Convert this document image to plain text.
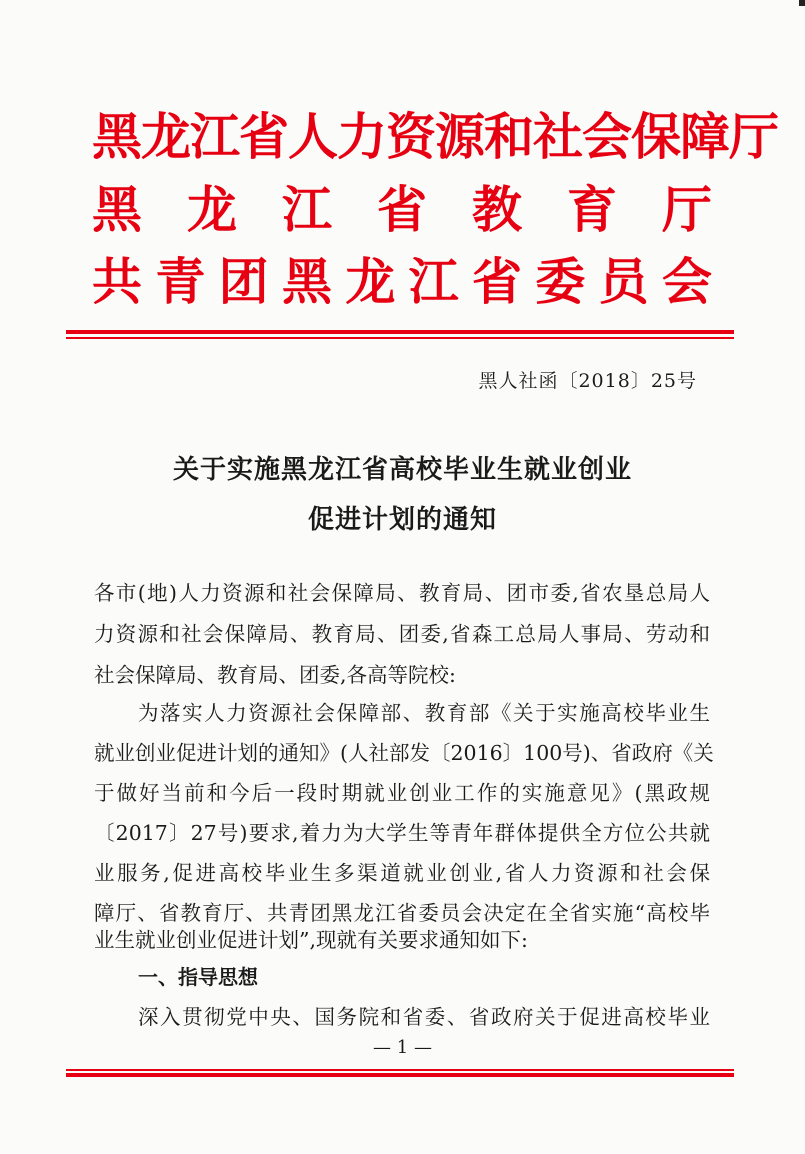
黑龙江省人力资源和社会保障厅
黑 龙 江 省 教 育 厅
共 青 团 黑 龙 江 省 委 员 会
黑人社函〔2018〕25号
关于实施黑龙江省高校毕业生就业创业
促进计划的通知
各市(地)人力资源和社会保障局、教育局、团市委,省农垦总局人
力资源和社会保障局、教育局、团委,省森工总局人事局、劳动和
社会保障局、教育局、团委,各高等院校:
为落实人力资源社会保障部、教育部《关于实施高校毕业生
就业创业促进计划的通知》(人社部发〔2016〕100号)、省政府《关
于做好当前和今后一段时期就业创业工作的实施意见》(黑政规
〔2017〕27号)要求,着力为大学生等青年群体提供全方位公共就
业服务,促进高校毕业生多渠道就业创业,省人力资源和社会保
障厅、省教育厅、共青团黑龙江省委员会决定在全省实施“高校毕
一、指导思想
深入贯彻党中央、国务院和省委、省政府关于促进高校毕业
— 1 —
业生就业创业促进计划”,现就有关要求通知如下:
